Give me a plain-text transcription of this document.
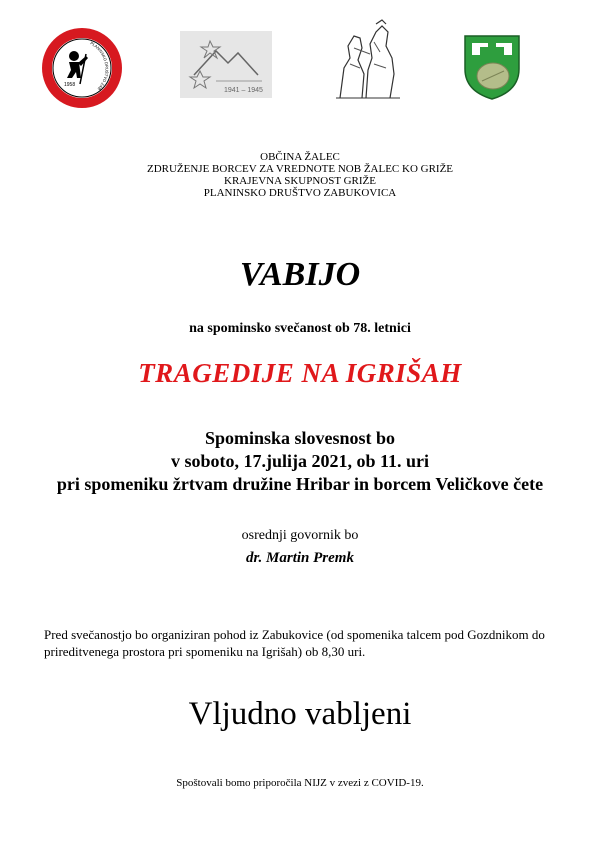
1958
PLANINSKO DRUŠTVO ZAB	1941 – 1945
OBČINA ŽALEC
ZDRUŽENJE BORCEV ZA VREDNOTE NOB ŽALEC KO GRIŽE
KRAJEVNA SKUPNOST GRIŽE
PLANINSKO DRUŠTVO ZABUKOVICA
VABIJO
na spominsko svečanost ob 78. letnici
TRAGEDIJE NA IGRIŠAH
Spominska slovesnost bo
v soboto, 17.julija 2021, ob 11. uri
pri spomeniku žrtvam družine Hribar in borcem Veličkove čete
osrednji govornik bo
dr. Martin Premk
Pred svečanostjo bo organiziran pohod iz Zabukovice (od spomenika talcem pod Gozdnikom do prireditvenega prostora pri spomeniku na Igrišah) ob 8,30 uri.
Vljudno vabljeni
Spoštovali bomo priporočila NIJZ v zvezi z COVID-19.
